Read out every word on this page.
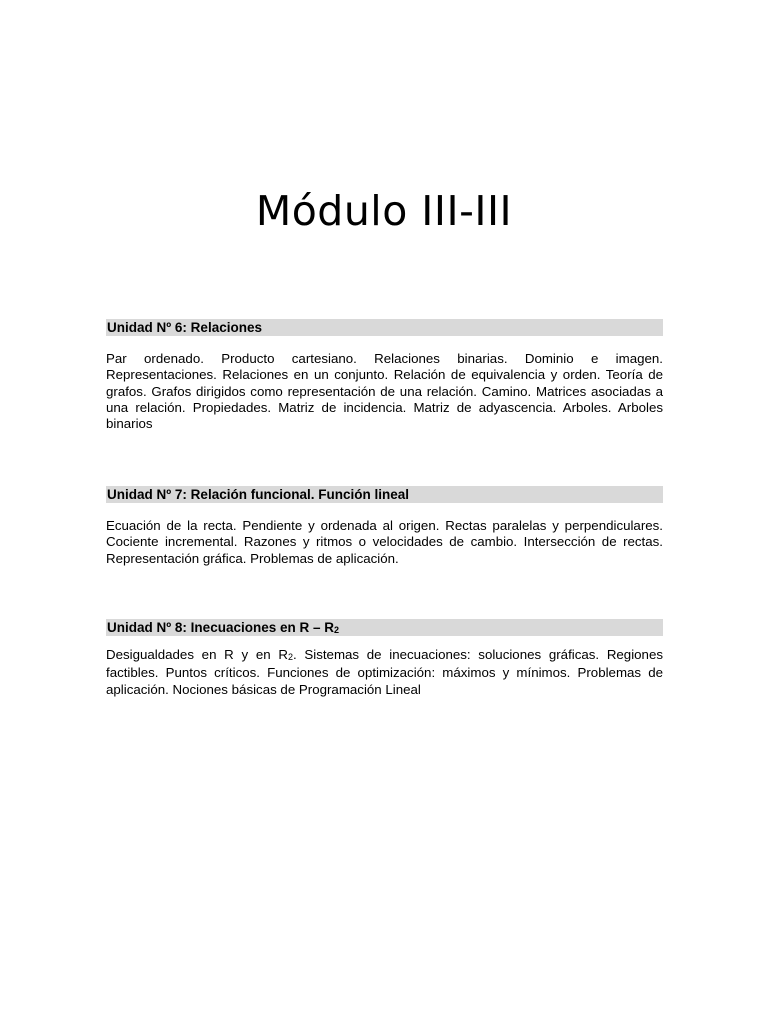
Módulo III-III
Unidad Nº 6: Relaciones

Par ordenado. Producto cartesiano. Relaciones binarias. Dominio e imagen. Representaciones. Relaciones en un conjunto. Relación de equivalencia y orden. Teoría de grafos. Grafos dirigidos como representación de una relación. Camino. Matrices asociadas a una relación. Propiedades. Matriz de incidencia. Matriz de adyascencia. Arboles. Arboles binarios

Unidad Nº 7: Relación funcional. Función lineal

Ecuación de la recta. Pendiente y ordenada al origen. Rectas paralelas y perpendiculares. Cociente incremental. Razones y ritmos o velocidades de cambio. Intersección de rectas. Representación gráfica. Problemas de aplicación.

Unidad Nº 8: Inecuaciones en R – R2

Desigualdades en R y en R2. Sistemas de inecuaciones: soluciones gráficas. Regiones factibles. Puntos críticos. Funciones de optimización: máximos y mínimos. Problemas de aplicación. Nociones básicas de Programación Lineal
